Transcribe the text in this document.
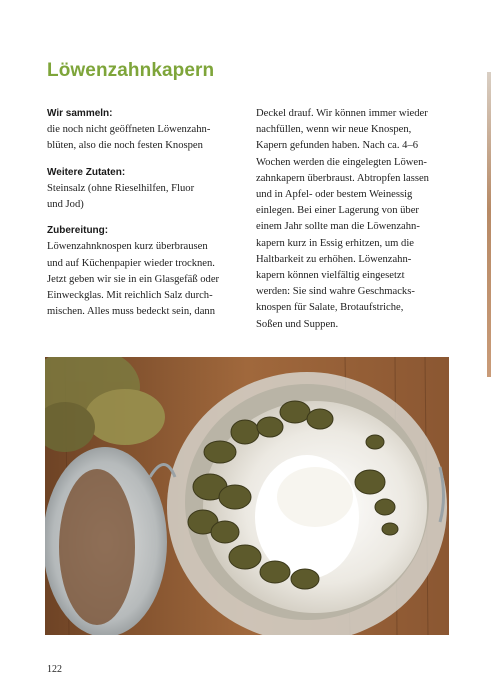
Löwenzahnkapern
Wir sammeln:
die noch nicht geöffneten Löwenzahn-
blüten, also die noch festen Knospen
Weitere Zutaten:
Steinsalz (ohne Rieselhilfen, Fluor
und Jod)
Zubereitung:
Löwenzahnknospen kurz überbrausen
und auf Küchenpapier wieder trocknen.
Jetzt geben wir sie in ein Glasgefäß oder
Einweckglas. Mit reichlich Salz durch-
mischen. Alles muss bedeckt sein, dann
Deckel drauf. Wir können immer wieder
nachfüllen, wenn wir neue Knospen,
Kapern gefunden haben. Nach ca. 4–6
Wochen werden die eingelegten Löwen-
zahnkapern überbraust. Abtropfen lassen
und in Apfel- oder bestem Weinessig
einlegen. Bei einer Lagerung von über
einem Jahr sollte man die Löwenzahn-
kapern kurz in Essig erhitzen, um die
Haltbarkeit zu erhöhen. Löwenzahn-
kapern können vielfältig eingesetzt
werden: Sie sind wahre Geschmacks-
knospen für Salate, Brotaufstriche,
Soßen und Suppen.
122
